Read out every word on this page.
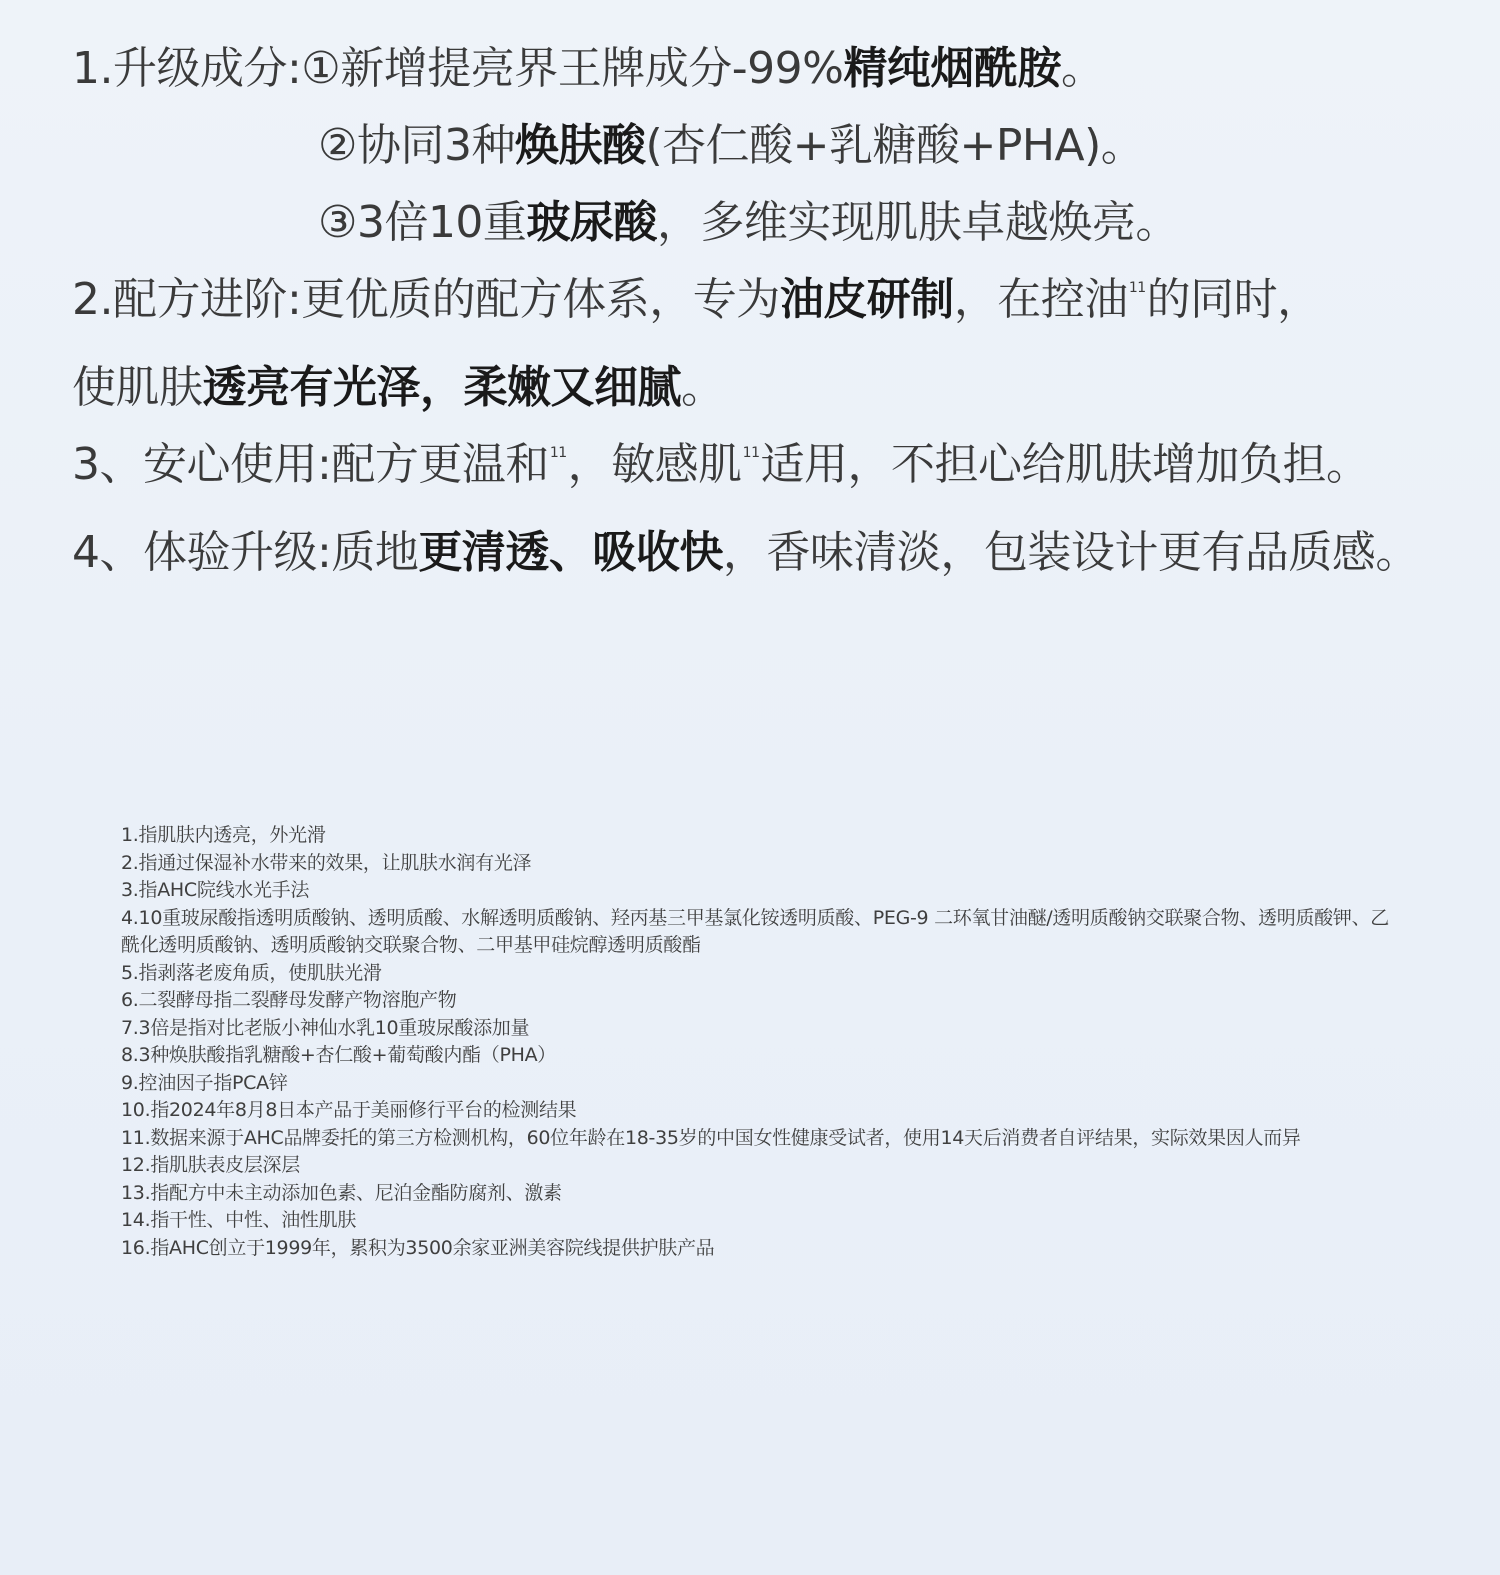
1.升级成分:①新增提亮界王牌成分-99%精纯烟酰胺。
②协同3种焕肤酸(杏仁酸+乳糖酸+PHA)。
③3倍10重玻尿酸，多维实现肌肤卓越焕亮。
2.配方进阶:更优质的配方体系，专为油皮研制，在控油$^{11}$的同时，
使肌肤透亮有光泽，柔嫩又细腻。
3、安心使用:配方更温和$^{11}$，敏感肌$^{11}$适用，不担心给肌肤增加负担。
4、体验升级:质地更清透、吸收快，香味清淡，包装设计更有品质感。
1.指肌肤内透亮，外光滑
2.指通过保湿补水带来的效果，让肌肤水润有光泽
3.指AHC院线水光手法
4.10重玻尿酸指透明质酸钠、透明质酸、水解透明质酸钠、羟丙基三甲基氯化铵透明质酸、PEG-9 二环氧甘油醚/透明质酸钠交联聚合物、透明质酸钾、乙酰化透明质酸钠、透明质酸钠交联聚合物、二甲基甲硅烷醇透明质酸酯
5.指剥落老废角质，使肌肤光滑
6.二裂酵母指二裂酵母发酵产物溶胞产物
7.3倍是指对比老版小神仙水乳10重玻尿酸添加量
8.3种焕肤酸指乳糖酸+杏仁酸+葡萄酸内酯（PHA）
9.控油因子指PCA锌
10.指2024年8月8日本产品于美丽修行平台的检测结果
11.数据来源于AHC品牌委托的第三方检测机构，60位年龄在18-35岁的中国女性健康受试者，使用14天后消费者自评结果，实际效果因人而异
12.指肌肤表皮层深层
13.指配方中未主动添加色素、尼泊金酯防腐剂、激素
14.指干性、中性、油性肌肤
16.指AHC创立于1999年，累积为3500余家亚洲美容院线提供护肤产品
